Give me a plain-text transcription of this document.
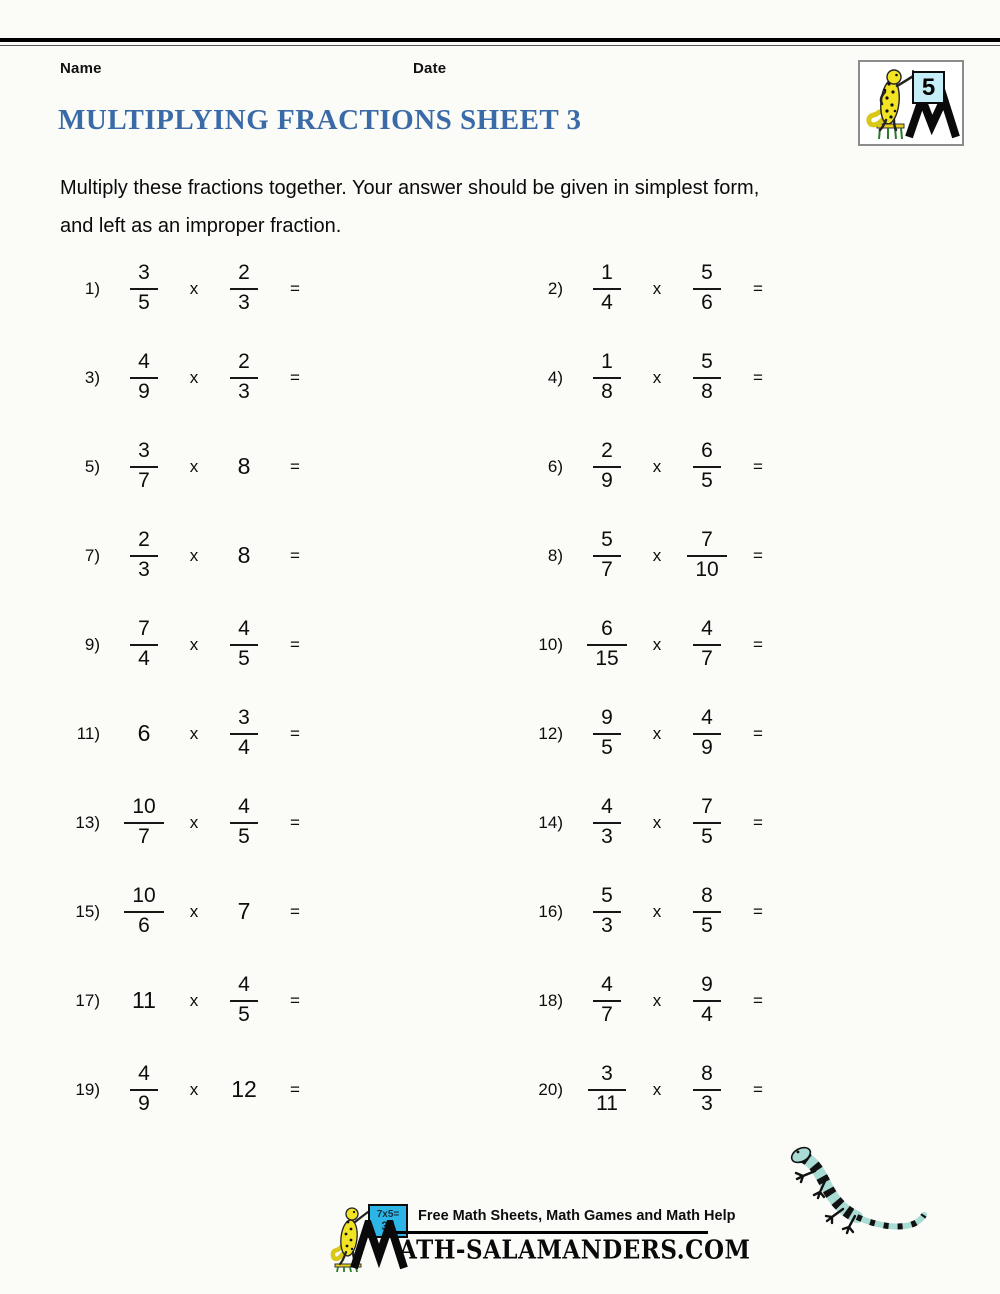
Name	Date
MULTIPLYING FRACTIONS SHEET 3
5
Multiply these fractions together. Your answer should be given in simplest form,
and left as an improper fraction.
$1) \frac{3}{5}$	x	$\frac{2}{3}$ =	$2) \frac{1}{4}$	x	$\frac{5}{6}$ =
$3) \frac{4}{9}$	x	$\frac{2}{3}$ =	$4) \frac{1}{8}$	x	$\frac{5}{8}$ =
$5) \frac{3}{7}$	x	8 =	$6) \frac{2}{9}$	x	$\frac{6}{5}$ =
$7) \frac{2}{3}$	x	8 =	$8) \frac{5}{7}$	x	$\frac{7}{10}$ =
$9) \frac{7}{4}$	x	$\frac{4}{5}$ =	$10) \frac{6}{15}$	x	$\frac{4}{7}$ =
11) 6	x	$\frac{3}{4}$ =	$12) \frac{9}{5}$	x	$\frac{4}{9}$ =
$13) \frac{10}{7}$	x	$\frac{4}{5}$ =	$14) \frac{4}{3}$	x	$\frac{7}{5}$ =
$15) \frac{10}{6}$	x	7 =	$16) \frac{5}{3}$	x	$\frac{8}{5}$ =
17) 11	x	$\frac{4}{5}$ =	$18) \frac{4}{7}$	x	$\frac{9}{4}$ =
$19) \frac{4}{9}$	x	12 =	$20) \frac{3}{11}$	x	$\frac{8}{3}$ =
7x5=
35
Free Math Sheets, Math Games and Math Help
ATH-SALAMANDERS.COM
